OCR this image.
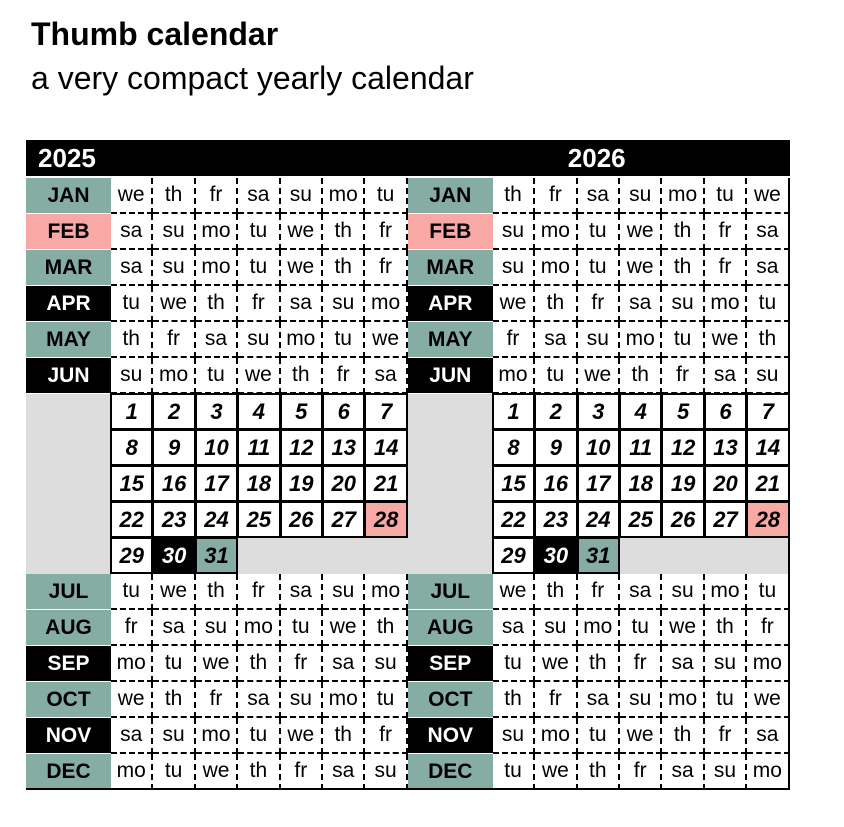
Thumb calendar
a very compact yearly calendar
2025
JAN	we th	fr	sa su mo tu
FEB	sa su mo tu we th	fr
MAR	sa su mo tu we th	fr
APR	tu we th	fr	sa su mo
MAY	th	fr	sa su mo tu we
JUN	su mo tu we th	fr	sa
JUL	tu we th	fr	sa su mo
AUG	fr	sa su mo tu we th
SEP	mo tu we th	fr	sa su
OCT	we th	fr	sa su mo tu
NOV	sa su mo tu we th	fr
DEC	mo tu we th	fr	sa su
1	2	3	4	5	6	7
8	9	10 11 12 13 14
15 16 17 18 19 20 21
22 23 24 25 26 27 28
29 30 31
2026
JAN	th	fr	sa su mo tu we
FEB	su mo tu we th	fr	sa
MAR	su mo tu we th	fr	sa
APR	we th	fr	sa su mo tu
MAY	fr	sa su mo tu we th
JUN	mo tu we th	fr	sa su
JUL	we th	fr	sa su mo tu
AUG	sa su mo tu we th	fr
SEP	tu we th	fr	sa su mo
OCT	th	fr	sa su mo tu we
NOV	su mo tu we th	fr	sa
DEC	tu we th	fr	sa su mo
1	2	3	4	5	6	7
8	9	10 11 12 13 14
15 16 17 18 19 20 21
22 23 24 25 26 27 28
29 30 31
